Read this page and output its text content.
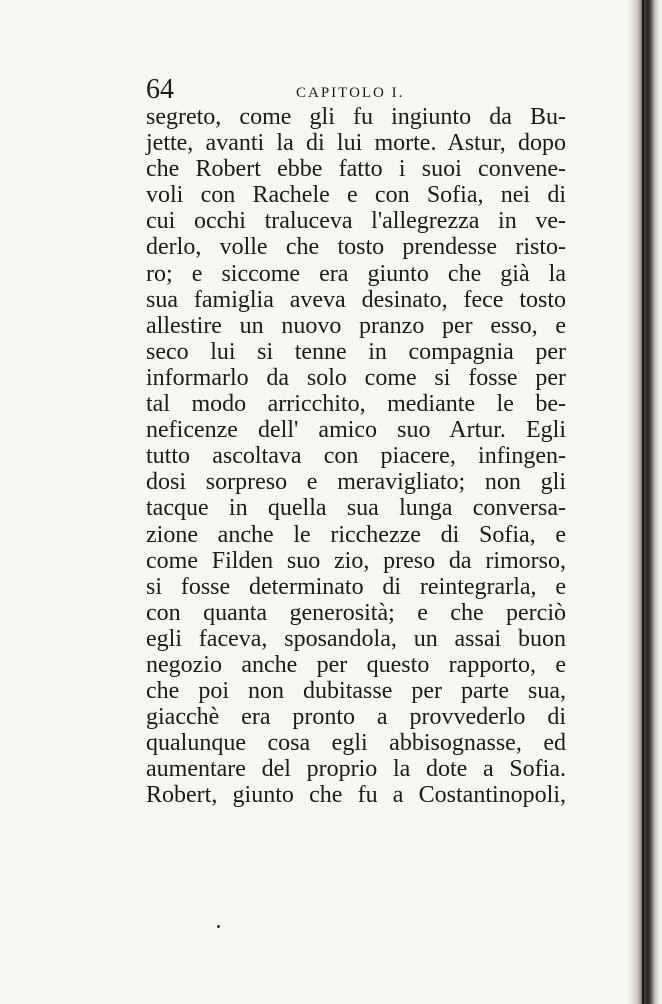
64	CAPITOLO I.
segreto, come gli fu ingiunto da Bu-
jette, avanti la di lui morte. Astur, dopo
che Robert ebbe fatto i suoi convene-
voli con Rachele e con Sofia, nei di
cui occhi traluceva l'allegrezza in ve-
derlo, volle che tosto prendesse risto-
ro; e siccome era giunto che già la
sua famiglia aveva desinato, fece tosto
allestire un nuovo pranzo per esso, e
seco lui si tenne in compagnia per
informarlo da solo come si fosse per
tal modo arricchito, mediante le be-
neficenze dell' amico suo Artur. Egli
tutto ascoltava con piacere, infingen-
dosi sorpreso e meravigliato; non gli
tacque in quella sua lunga conversa-
zione anche le ricchezze di Sofia, e
come Filden suo zio, preso da rimorso,
si fosse determinato di reintegrarla, e
con quanta generosità; e che perciò
egli faceva, sposandola, un assai buon
negozio anche per questo rapporto, e
che poi non dubitasse per parte sua,
giacchè era pronto a provvederlo di
qualunque cosa egli abbisognasse, ed
aumentare del proprio la dote a Sofia.
Robert, giunto che fu a Costantinopoli,
